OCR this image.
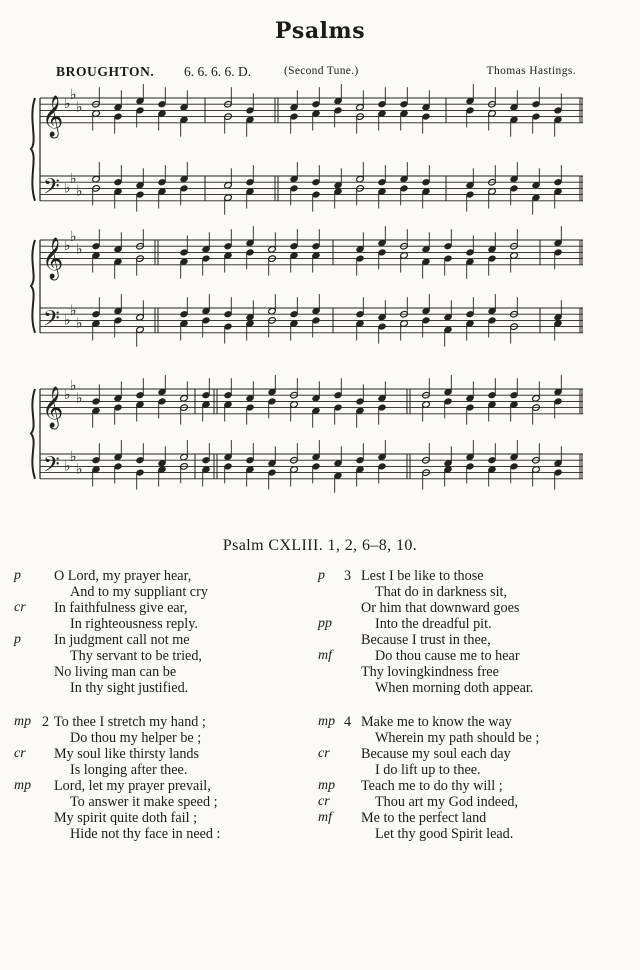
Psalms
BROUGHTON. 6. 6. 6. 6. D.	(Second Tune.)	Thomas Hastings.
𝄞
𝄢
♭
♭
♭
♭
♭
♭
𝄞
𝄢
♭
♭
♭
♭
♭
♭
𝄞
𝄢
♭
♭
♭
♭
♭
♭
Psalm CXLIII. 1, 2, 6–8, 10.
p O Lord, my prayer hear,
And to my suppliant cry
cr In faithfulness give ear,
In righteousness reply.
p In judgment call not me
Thy servant to be tried,
No living man can be
In thy sight justified.
mp 2 To thee I stretch my hand ;
Do thou my helper be ;
cr My soul like thirsty lands
Is longing after thee.
mp Lord, let my prayer prevail,
To answer it make speed ;
My spirit quite doth fail ;
Hide not thy face in need :
p 3 Lest I be like to those
That do in darkness sit,
Or him that downward goes
pp	Into the dreadful pit.
Because I trust in thee,
mf	Do thou cause me to hear
Thy lovingkindness free
When morning doth appear.
mp 4 Make me to know the way
Wherein my path should be ;
cr Because my soul each day
I do lift up to thee.
mp Teach me to do thy will ;
cr	Thou art my God indeed,
mf Me to the perfect land
Let thy good Spirit lead.
